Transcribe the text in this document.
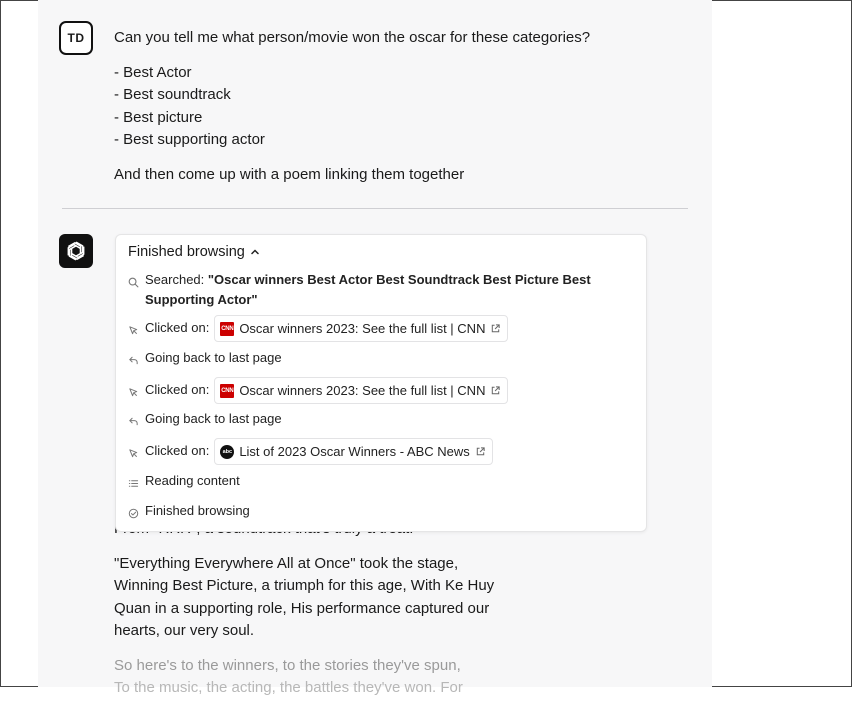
TD	Can you tell me what person/movie won the oscar for these categories?

- Best Actor

- Best soundtrack

- Best picture

- Best supporting actor

And then come up with a poem linking them together

"Everything Everywhere All at Once" took the stage, Winning Best Picture, a triumph for this age, With Ke Huy Quan in a supporting role, His performance captured our hearts, our very soul.

So here's to the winners, to the stories they've spun,
To the music, the acting, the battles they've won. For

Finished browsing
Searched: "Oscar winners Best Actor Best Soundtrack Best Picture Best Supporting Actor"
Clicked on: CNN Oscar winners 2023: See the full list | CNN
Going back to last page
Clicked on: CNN Oscar winners 2023: See the full list | CNN
Going back to last page
Clicked on:	abc List of 2023 Oscar Winners - ABC News
Reading content
Finished browsing
